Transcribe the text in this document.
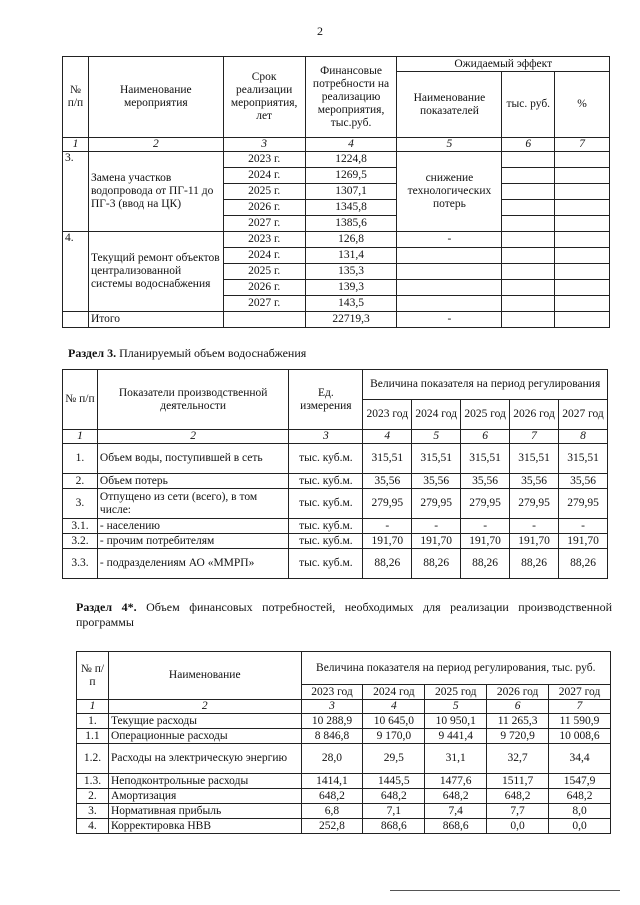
2
№ п/п	Наименование мероприятия	Срок реализации мероприятия, лет	Финансовые потребности на реализацию мероприятия, тыс.руб.	Ожидаемый эффект		
				Наименование показателей	тыс. руб.	%
1	2	3	4	5	6	7
3.	Замена участков водопровода от ПГ-11 до ПГ-3 (ввод на ЦК)	2023 г.	1224,8	снижение технологических потерь		
		2024 г.	1269,5			
		2025 г.	1307,1			
		2026 г.	1345,8			
		2027 г.	1385,6			
4.	Текущий ремонт объектов централизованной системы водоснабжения	2023 г.	126,8	-		
		2024 г.	131,4			
		2025 г.	135,3			
		2026 г.	139,3			
		2027 г.	143,5			
	Итого		22719,3	-		
Раздел 3. Планируемый объем водоснабжения
№ п/п	Показатели производственной деятельности	Ед. измерения	Величина показателя на период регулирования				
			2023 год	2024 год	2025 год	2026 год	2027 год
1	2	3	4	5	6	7	8
1.	Объем воды, поступившей в сеть	тыс. куб.м.	315,51	315,51	315,51	315,51	315,51
2.	Объем потерь	тыс. куб.м.	35,56	35,56	35,56	35,56	35,56
3.	Отпущено из сети (всего), в том числе:	тыс. куб.м.	279,95	279,95	279,95	279,95	279,95
3.1.	- населению	тыс. куб.м.	-	-	-	-	-
3.2.	- прочим потребителям	тыс. куб.м.	191,70	191,70	191,70	191,70	191,70
3.3.	- подразделениям АО «ММРП»	тыс. куб.м.	88,26	88,26	88,26	88,26	88,26
Раздел 4*. Объем финансовых потребностей, необходимых для реализации производственной программы
№ п/п	Наименование	Величина показателя на период регулирования, тыс. руб.				
		2023 год	2024 год	2025 год	2026 год	2027 год
1	2	3	4	5	6	7
1.	Текущие расходы	10 288,9	10 645,0	10 950,1	11 265,3	11 590,9
1.1	Операционные расходы	8 846,8	9 170,0	9 441,4	9 720,9	10 008,6
1.2.	Расходы на электрическую энергию	28,0	29,5	31,1	32,7	34,4
1.3.	Неподконтрольные расходы	1414,1	1445,5	1477,6	1511,7	1547,9
2.	Амортизация	648,2	648,2	648,2	648,2	648,2
3.	Нормативная прибыль	6,8	7,1	7,4	7,7	8,0
4.	Корректировка НВВ	252,8	868,6	868,6	0,0	0,0
